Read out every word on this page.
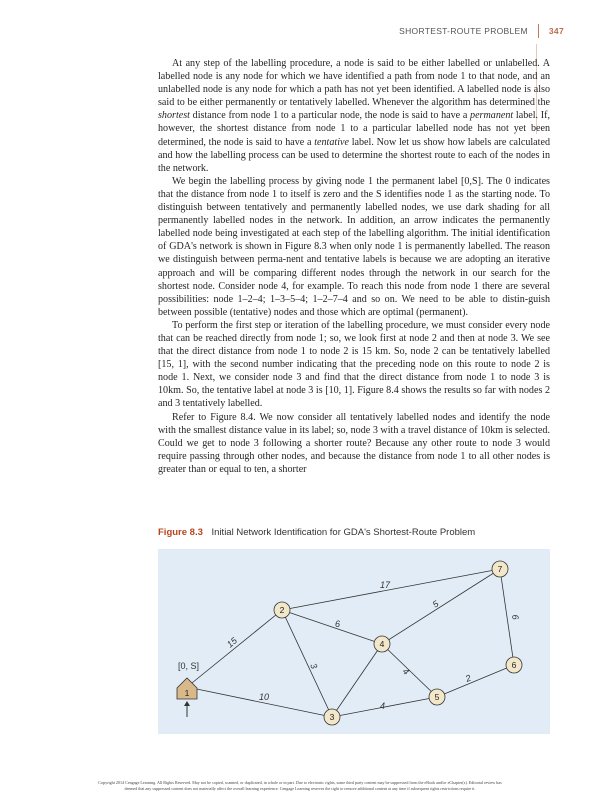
SHORTEST-ROUTE PROBLEM 347

At any step of the labelling procedure, a node is said to be either labelled or unlabelled. A labelled node is any node for which we have identified a path from node 1 to that node, and an unlabelled node is any node for which a path has not yet been identified. A labelled node is also said to be either permanently or tentatively labelled. Whenever the algorithm has determined the shortest distance from node 1 to a particular node, the node is said to have a permanent label. If, however, the shortest distance from node 1 to a particular labelled node has not yet been determined, the node is said to have a tentative label. Now let us show how labels are calculated and how the labelling process can be used to determine the shortest route to each of the nodes in the network.

We begin the labelling process by giving node 1 the permanent label [0,S]. The 0 indicates that the distance from node 1 to itself is zero and the S identifies node 1 as the starting node. To distinguish between tentatively and permanently labelled nodes, we use dark shading for all permanently labelled nodes in the network. In addition, an arrow indicates the permanently labelled node being investigated at each step of the labelling algorithm. The initial identification of GDA's network is shown in Figure 8.3 when only node 1 is permanently labelled. The reason we distinguish between perma-nent and tentative labels is because we are adopting an iterative approach and will be comparing different nodes through the network in our search for the shortest node. Consider node 4, for example. To reach this node from node 1 there are several possibilities: node 1–2–4; 1–3–5–4; 1–2–7–4 and so on. We need to be able to distin-guish between possible (tentative) nodes and those which are optimal (permanent).

To perform the first step or iteration of the labelling procedure, we must consider every node that can be reached directly from node 1; so, we look first at node 2 and then at node 3. We see that the direct distance from node 1 to node 2 is 15 km. So, node 2 can be tentatively labelled [15, 1], with the second number indicating that the preceding node on this route to node 2 is node 1. Next, we consider node 3 and find that the direct distance from node 1 to node 3 is 10km. So, the tentative label at node 3 is [10, 1]. Figure 8.4 shows the results so far with nodes 2 and 3 tentatively labelled.

Refer to Figure 8.4. We now consider all tentatively labelled nodes and identify the node with the smallest distance value in its label; so, node 3 with a travel distance of 10km is selected. Could we get to node 3 following a shorter route? Because any other route to node 3 would require passing through other nodes, and because the distance from node 1 to all other nodes is greater than or equal to ten, a shorter

Figure 8.3 Initial Network Identification for GDA's Shortest-Route Problem
15
10
3
6
17
4
4
5
2
6
[0, S]
1
2
3
4
5
6
7
Copyright 2014 Cengage Learning. All Rights Reserved. May not be copied, scanned, or duplicated, in whole or in part. Due to electronic rights, some third party content may be suppressed from the eBook and/or eChapter(s). Editorial review has
deemed that any suppressed content does not materially affect the overall learning experience. Cengage Learning reserves the right to remove additional content at any time if subsequent rights restrictions require it.
